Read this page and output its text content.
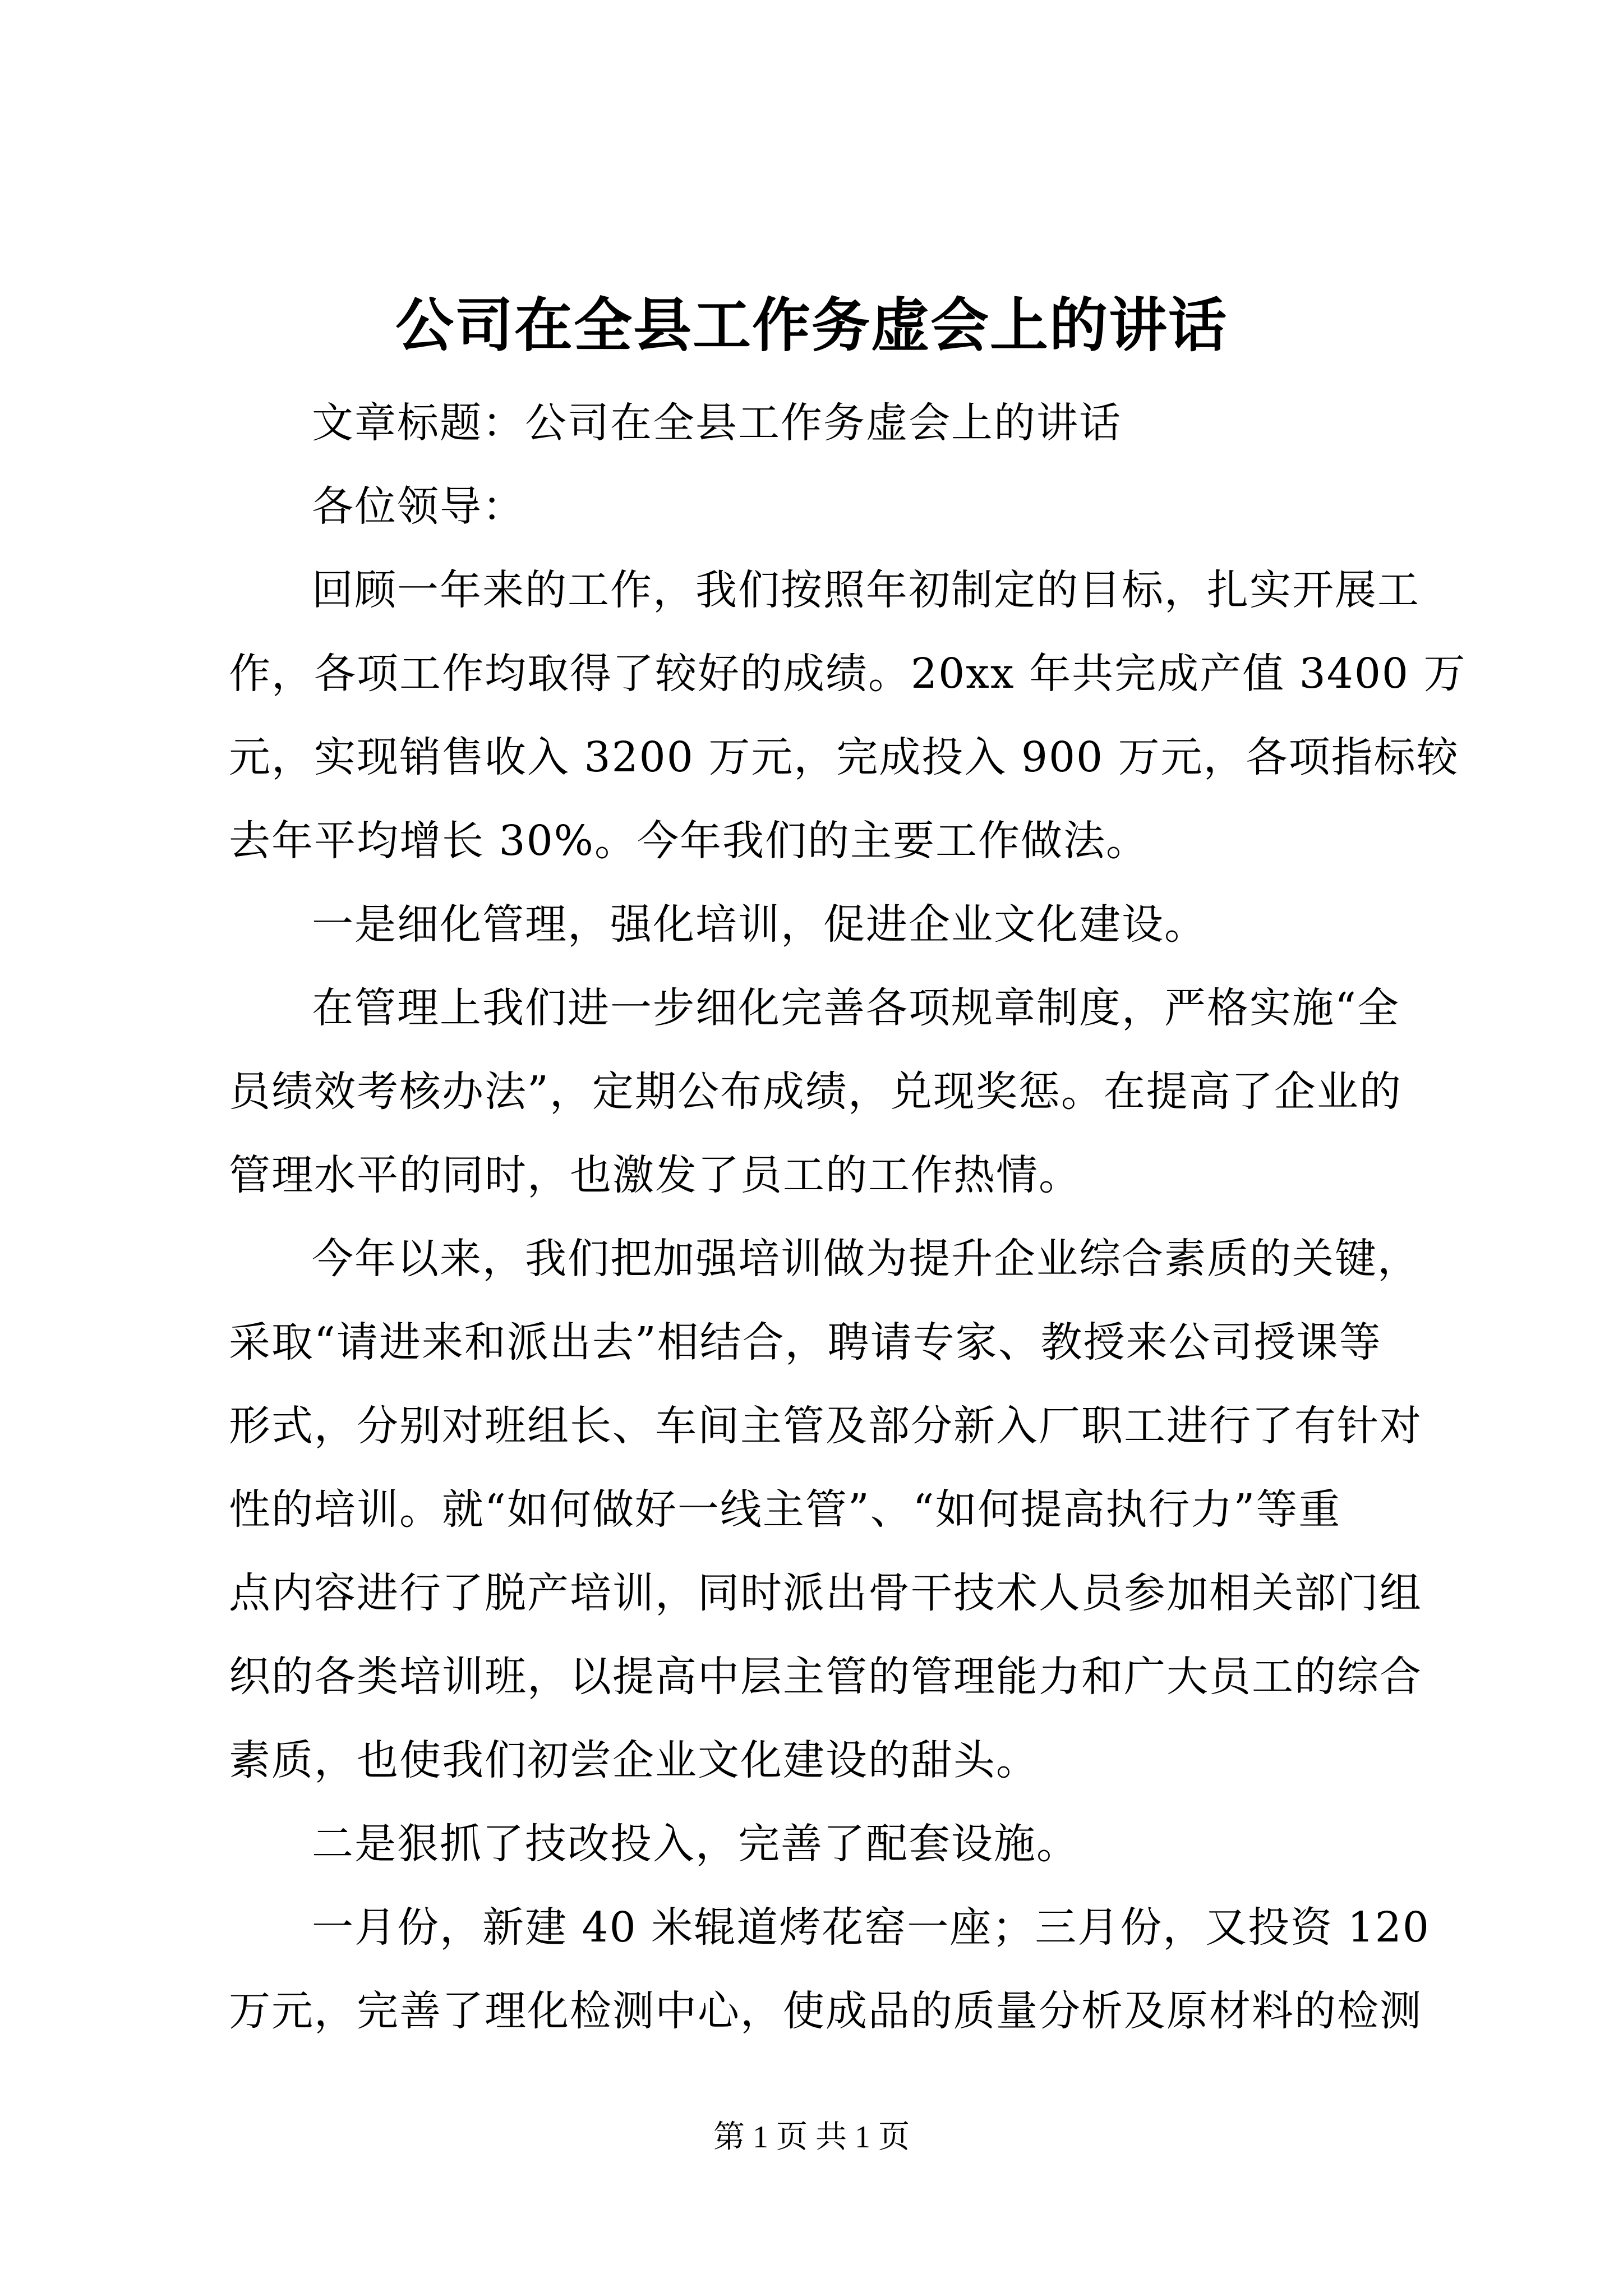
公司在全县工作务虚会上的讲话
文章标题：公司在全县工作务虚会上的讲话
各位领导：
回顾一年来的工作，我们按照年初制定的目标，扎实开展工
作，各项工作均取得了较好的成绩。20xx 年共完成产值 3400 万
元，实现销售收入 3200 万元，完成投入 900 万元，各项指标较
去年平均增长 30%。今年我们的主要工作做法。
一是细化管理，强化培训，促进企业文化建设。
在管理上我们进一步细化完善各项规章制度，严格实施“全
员绩效考核办法”，定期公布成绩，兑现奖惩。在提高了企业的
管理水平的同时，也激发了员工的工作热情。
今年以来，我们把加强培训做为提升企业综合素质的关键，
采取“请进来和派出去”相结合，聘请专家、教授来公司授课等
形式，分别对班组长、车间主管及部分新入厂职工进行了有针对
性的培训。就“如何做好一线主管”、“如何提高执行力”等重
点内容进行了脱产培训，同时派出骨干技术人员参加相关部门组
织的各类培训班，以提高中层主管的管理能力和广大员工的综合
素质，也使我们初尝企业文化建设的甜头。
二是狠抓了技改投入，完善了配套设施。
一月份，新建 40 米辊道烤花窑一座；三月份，又投资 120
万元，完善了理化检测中心，使成品的质量分析及原材料的检测
第 1 页 共 1 页
